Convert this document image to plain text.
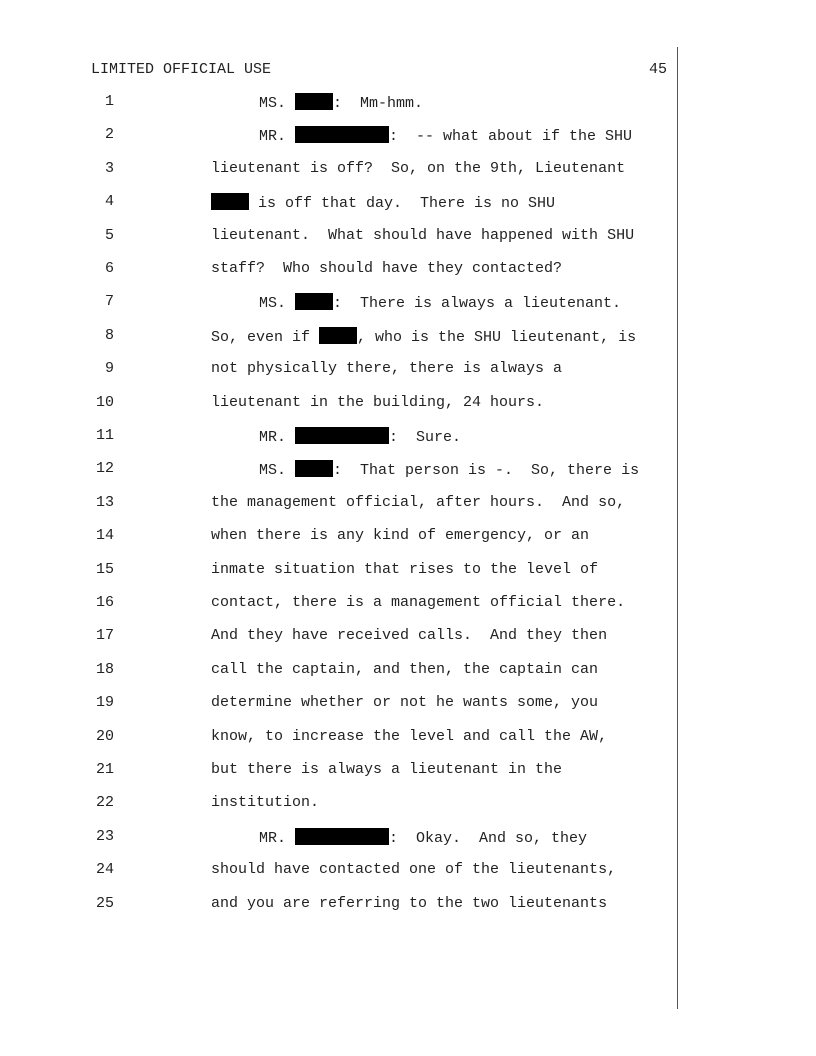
LIMITED OFFICIAL USE	45
1	MS.	:  Mm-hmm.
2	MR.	:  -- what about if the SHU
3	lieutenant is off?  So, on the 9th, Lieutenant
4	is off that day.  There is no SHU
5	lieutenant.  What should have happened with SHU
6	staff?  Who should have they contacted?
7	MS.	:  There is always a lieutenant.
8	So, even if	, who is the SHU lieutenant, is
9	not physically there, there is always a
10	lieutenant in the building, 24 hours.
11	MR.	:  Sure.
12	MS.	:  That person is -.  So, there is
13	the management official, after hours.  And so,
14	when there is any kind of emergency, or an
15	inmate situation that rises to the level of
16	contact, there is a management official there.
17	And they have received calls.  And they then
18	call the captain, and then, the captain can
19	determine whether or not he wants some, you
20	know, to increase the level and call the AW,
21	but there is always a lieutenant in the
22	institution.
23	MR.	:  Okay.  And so, they
24	should have contacted one of the lieutenants,
25	and you are referring to the two lieutenants
